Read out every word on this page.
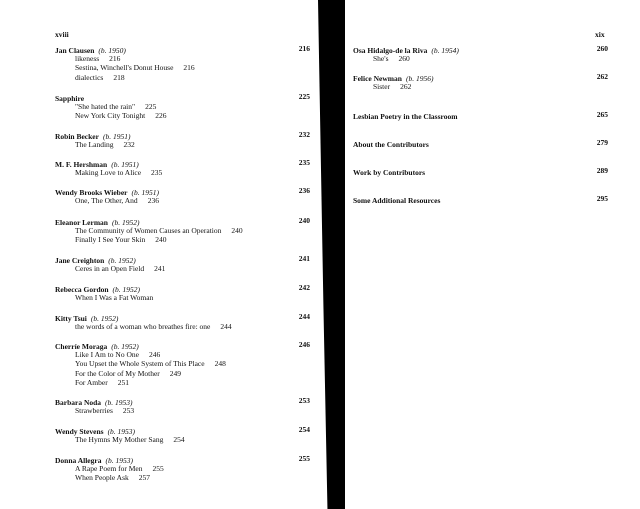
xviii
Jan Clausen (b. 1950)	216
likeness 216
Sestina, Winchell's Donut House 216
dialectics 218
Sapphire	225
"She hated the rain" 225
New York City Tonight 226
Robin Becker (b. 1951)	232
The Landing 232
M. F. Hershman (b. 1951)	235
Making Love to Alice 235
Wendy Brooks Wieber (b. 1951)	236
One, The Other, And 236
Eleanor Lerman (b. 1952)	240
The Community of Women Causes an Operation 240
Finally I See Your Skin 240
Jane Creighton (b. 1952)	241
Ceres in an Open Field 241
Rebecca Gordon (b. 1952)	242
When I Was a Fat Woman
Kitty Tsui (b. 1952)	244
the words of a woman who breathes fire: one 244
Cherríe Moraga (b. 1952)	246
Like I Am to No One 246
You Upset the Whole System of This Place 248
For the Color of My Mother 249
For Amber 251
Barbara Noda (b. 1953)	253
Strawberries 253
Wendy Stevens (b. 1953)	254
The Hymns My Mother Sang 254
Donna Allegra (b. 1953)	255
A Rape Poem for Men 255
When People Ask 257
xix
Osa Hidalgo-de la Riva (b. 1954)	260
She's 260
Felice Newman (b. 1956)	262
Sister 262
Lesbian Poetry in the Classroom	265
About the Contributors	279
Work by Contributors	289
Some Additional Resources	295
